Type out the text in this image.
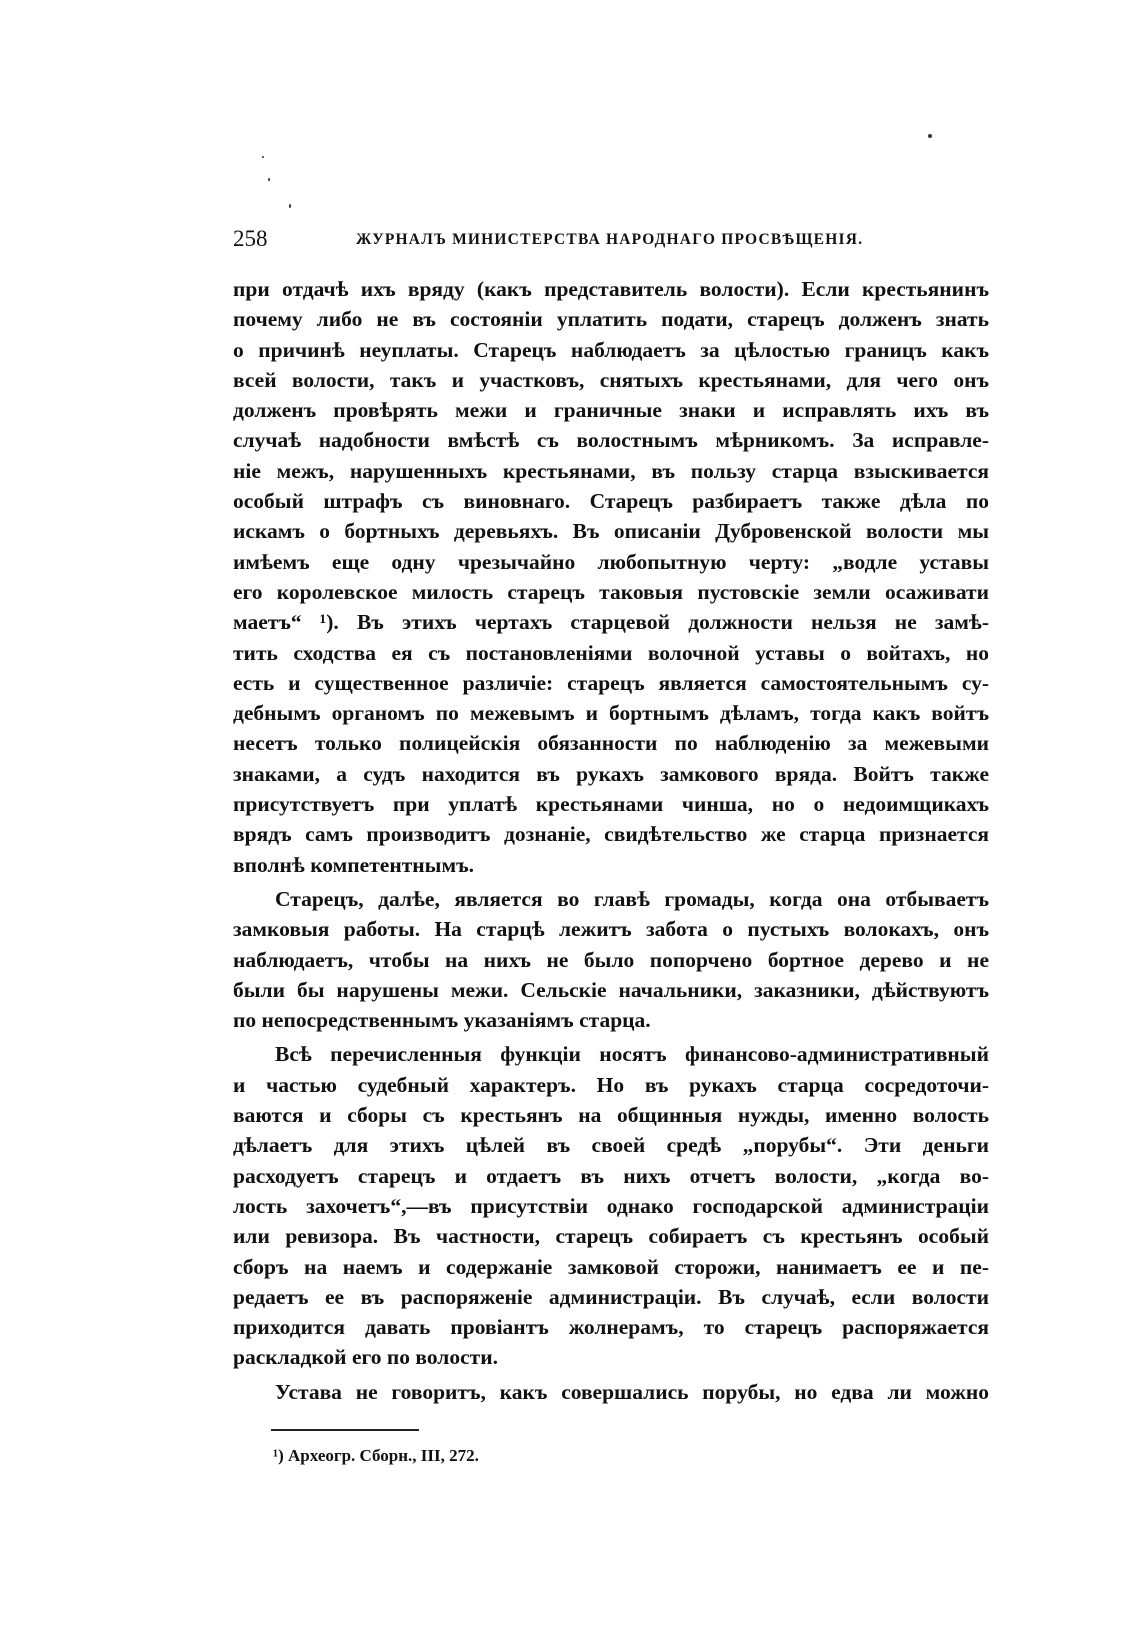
258	ЖУРНАЛЪ МИНИСТЕРСТВА НАРОДНАГО ПРОСВѢЩЕНІЯ.

при отдачѣ ихъ вряду (какъ представитель волости). Если крестьянинъ
почему либо не въ состояніи уплатить подати, старецъ долженъ знать
о причинѣ неуплаты. Старецъ наблюдаетъ за цѣлостью границъ какъ
всей волости, такъ и участковъ, снятыхъ крестьянами, для чего онъ
долженъ провѣрять межи и граничные знаки и исправлять ихъ въ
случаѣ надобности вмѣстѣ съ волостнымъ мѣрникомъ. За исправле-
ніе межъ, нарушенныхъ крестьянами, въ пользу старца взыскивается
особый штрафъ съ виновнаго. Старецъ разбираетъ также дѣла по
искамъ о бортныхъ деревьяхъ. Въ описаніи Дубровенской волости мы
имѣемъ еще одну чрезычайно любопытную черту: „водле уставы
его королевское милость старецъ таковыя пустовскіе земли осаживати
маетъ“ ¹). Въ этихъ чертахъ старцевой должности нельзя не замѣ-
тить сходства ея съ постановленіями волочной уставы о войтахъ, но
есть и существенное различіе: старецъ является самостоятельнымъ су-
дебнымъ органомъ по межевымъ и бортнымъ дѣламъ, тогда какъ войтъ
несетъ только полицейскія обязанности по наблюденію за межевыми
знаками, а судъ находится въ рукахъ замкового вряда. Войтъ также
присутствуетъ при уплатѣ крестьянами чинша, но о недоимщикахъ
врядъ самъ производитъ дознаніе, свидѣтельство же старца признается
вполнѣ компетентнымъ.

Старецъ, далѣе, является во главѣ громады, когда она отбываетъ
замковыя работы. На старцѣ лежитъ забота о пустыхъ волокахъ, онъ
наблюдаетъ, чтобы на нихъ не было попорчено бортное дерево и не
были бы нарушены межи. Сельскіе начальники, заказники, дѣйствуютъ
по непосредственнымъ указаніямъ старца.

Всѣ перечисленныя функціи носятъ финансово-административный
и частью судебный характеръ. Но въ рукахъ старца сосредоточи-
ваются и сборы съ крестьянъ на общинныя нужды, именно волость
дѣлаетъ для этихъ цѣлей въ своей средѣ „порубы“. Эти деньги
расходуетъ старецъ и отдаетъ въ нихъ отчетъ волости, „когда во-
лость захочетъ“,—въ присутствіи однако господарской администраціи
или ревизора. Въ частности, старецъ собираетъ съ крестьянъ особый
сборъ на наемъ и содержаніе замковой сторожи, нанимаетъ ее и пе-
редаетъ ее въ распоряженіе администраціи. Въ случаѣ, если волости
приходится давать провіантъ жолнерамъ, то старецъ распоряжается
раскладкой его по волости.

Устава не говоритъ, какъ совершались порубы, но едва ли можно

¹) Археогр. Сборн., III, 272.
